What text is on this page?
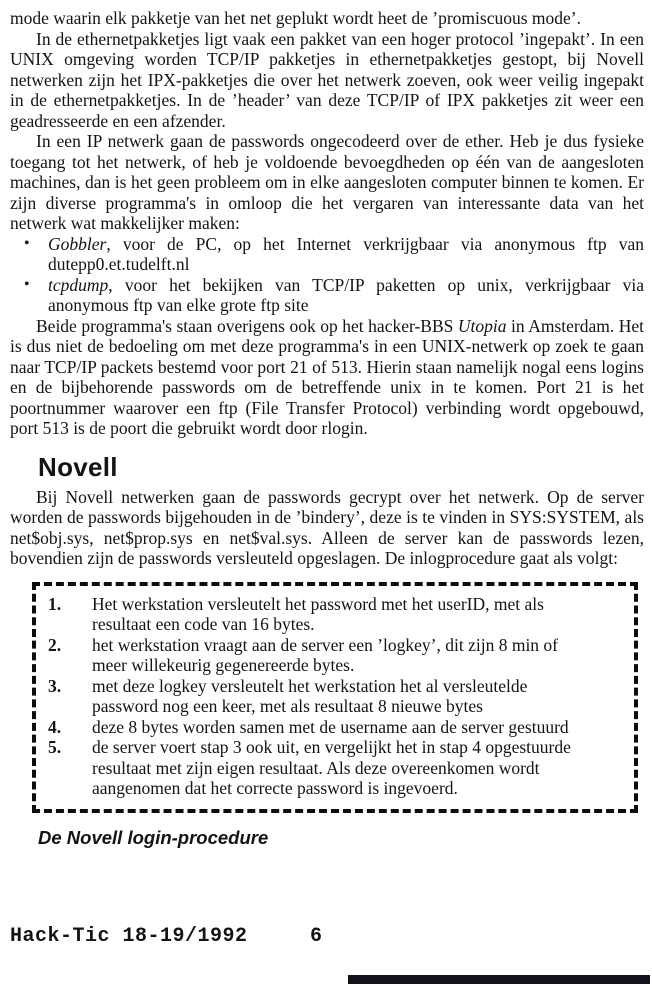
mode waarin elk pakketje van het net geplukt wordt heet de ’promiscuous mode’.

In de ethernetpakketjes ligt vaak een pakket van een hoger protocol ’ingepakt’. In een UNIX omgeving worden TCP/IP pakketjes in ethernetpakketjes gestopt, bij Novell netwerken zijn het IPX-pakketjes die over het netwerk zoeven, ook weer veilig ingepakt in de ethernetpakketjes. In de ’header’ van deze TCP/IP of IPX pakketjes zit weer een geadresseerde en een afzender.

In een IP netwerk gaan de passwords ongecodeerd over de ether. Heb je dus fysieke toegang tot het netwerk, of heb je voldoende bevoegdheden op één van de aangesloten machines, dan is het geen probleem om in elke aangesloten computer binnen te komen. Er zijn diverse programma's in omloop die het vergaren van interessante data van het netwerk wat makkelijker maken:

• Gobbler, voor de PC, op het Internet verkrijgbaar via anonymous ftp van dutepp0.et.tudelft.nl
• tcpdump, voor het bekijken van TCP/IP paketten op unix, verkrijgbaar via anonymous ftp van elke grote ftp site

Beide programma's staan overigens ook op het hacker-BBS Utopia in Amsterdam. Het is dus niet de bedoeling om met deze programma's in een UNIX-netwerk op zoek te gaan naar TCP/IP packets bestemd voor port 21 of 513. Hierin staan namelijk nogal eens logins en de bijbehorende passwords om de betreffende unix in te komen. Port 21 is het poortnummer waarover een ftp (File Transfer Protocol) verbinding wordt opgebouwd, port 513 is de poort die gebruikt wordt door rlogin.

Novell

Bij Novell netwerken gaan de passwords gecrypt over het netwerk. Op de server worden de passwords bijgehouden in de ’bindery’, deze is te vinden in SYS:SYSTEM, als net$obj.sys, net$prop.sys en net$val.sys. Alleen de server kan de passwords lezen, bovendien zijn de passwords versleuteld opgeslagen. De inlogprocedure gaat als volgt:

1. Het werkstation versleutelt het password met het userID, met als resultaat een code van 16 bytes.
2. het werkstation vraagt aan de server een ’logkey’, dit zijn 8 min of meer willekeurig gegenereerde bytes.
3. met deze logkey versleutelt het werkstation het al versleutelde password nog een keer, met als resultaat 8 nieuwe bytes
4. deze 8 bytes worden samen met de username aan de server gestuurd
5. de server voert stap 3 ook uit, en vergelijkt het in stap 4 opgestuurde resultaat met zijn eigen resultaat. Als deze overeenkomen wordt aangenomen dat het correcte password is ingevoerd.
De Novell login-procedure
Hack-Tic 18-19/1992	6
